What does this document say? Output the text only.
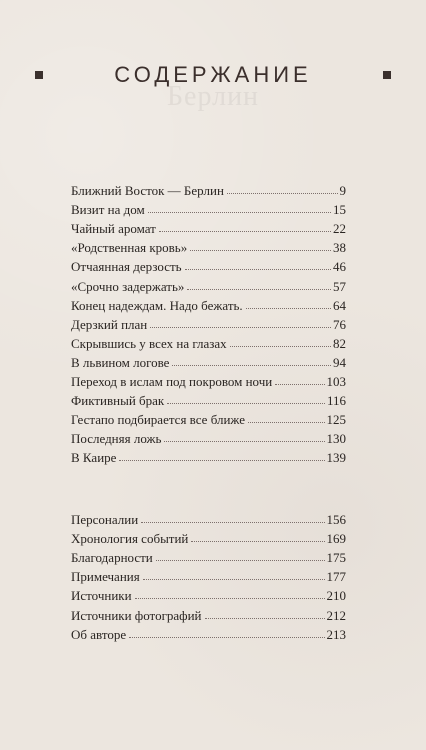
Берлин
СОДЕРЖАНИЕ
Ближний Восток — Берлин	9
Визит на дом	15
Чайный аромат	22
«Родственная кровь»	38
Отчаянная дерзость	46
«Срочно задержать»	57
Конец надеждам. Надо бежать.	64
Дерзкий план	76
Скрывшись у всех на глазах	82
В львином логове	94
Переход в ислам под покровом ночи	103
Фиктивный брак	116
Гестапо подбирается все ближе	125
Последняя ложь	130
В Каире	139
Персоналии	156
Хронология событий	169
Благодарности	175
Примечания	177
Источники	210
Источники фотографий	212
Об авторе	213
